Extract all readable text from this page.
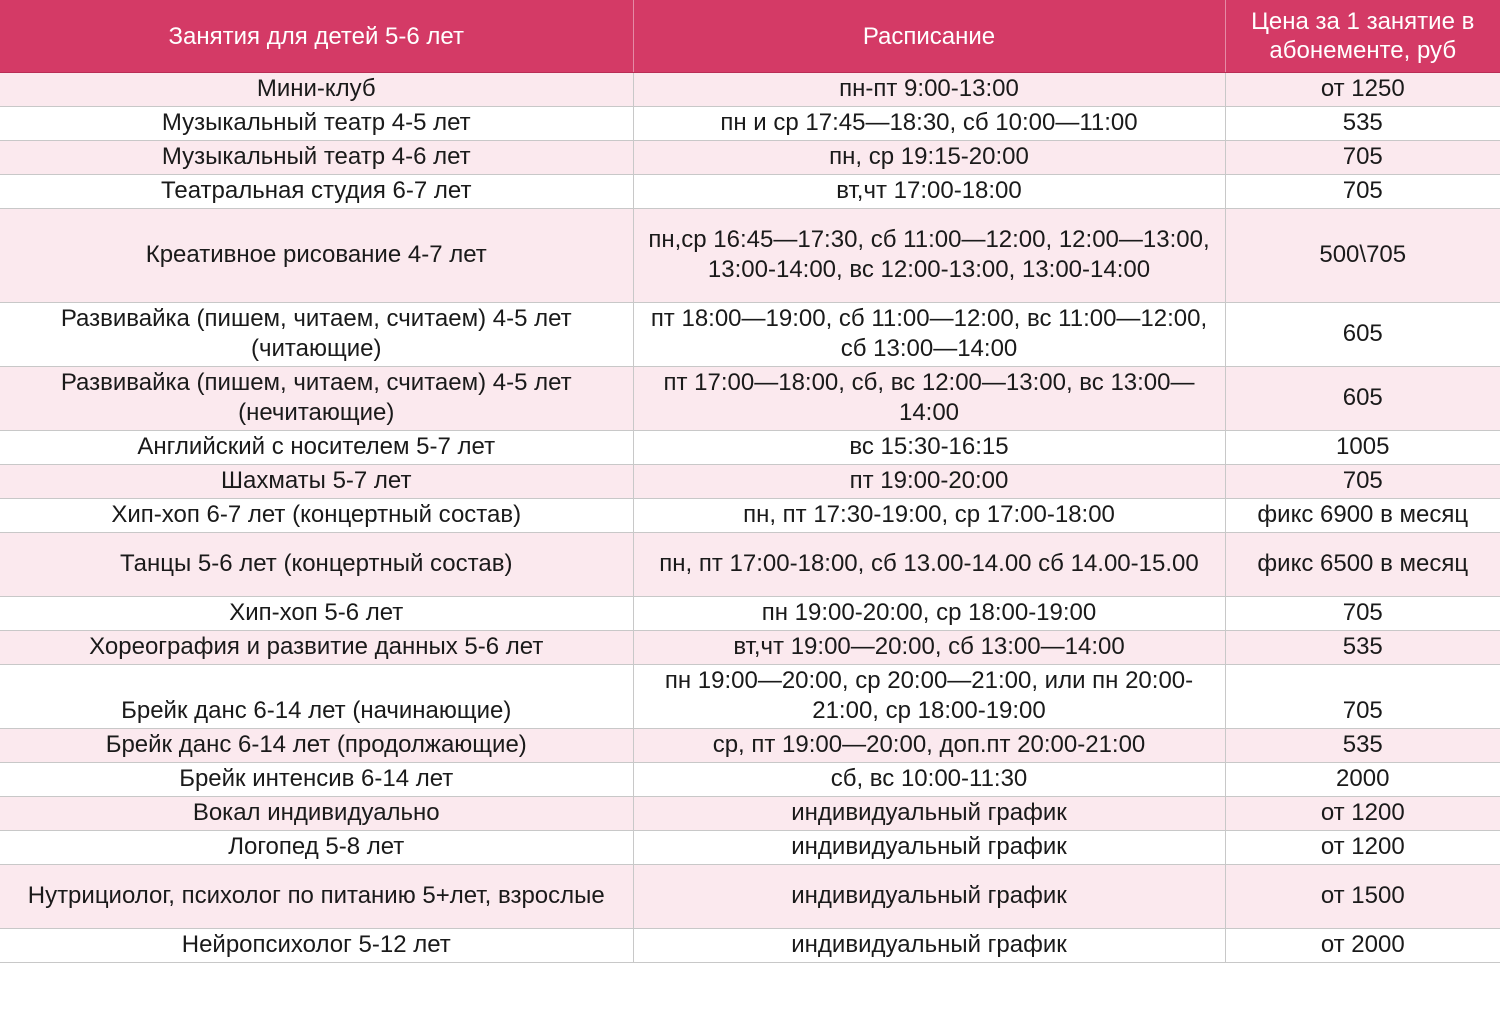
Занятия для детей 5-6 лет	Расписание	Цена за 1 занятие в абонементе, руб
Мини-клуб	пн-пт 9:00-13:00	от 1250
Музыкальный театр 4-5 лет	пн и ср 17:45—18:30, сб 10:00—11:00	535
Музыкальный театр 4-6 лет	пн, ср 19:15-20:00	705
Театральная студия 6-7 лет	вт,чт 17:00-18:00	705
Креативное рисование 4-7 лет	пн,ср 16:45—17:30, сб 11:00—12:00, 12:00—13:00, 13:00-14:00, вс 12:00-13:00, 13:00-14:00	500\705
Развивайка (пишем, читаем, считаем) 4-5 лет (читающие)	пт 18:00—19:00, сб 11:00—12:00, вс 11:00—12:00, сб 13:00—14:00	605
Развивайка (пишем, читаем, считаем) 4-5 лет (нечитающие)	пт 17:00—18:00, сб, вс 12:00—13:00, вс 13:00—14:00	605
Английский с носителем 5-7 лет	вс 15:30-16:15	1005
Шахматы 5-7 лет	пт 19:00-20:00	705
Хип-хоп 6-7 лет (концертный состав)	пн, пт 17:30-19:00, ср 17:00-18:00	фикс 6900 в месяц
Танцы 5-6 лет (концертный состав)	пн, пт 17:00-18:00, сб 13.00-14.00 сб 14.00-15.00	фикс 6500 в месяц
Хип-хоп 5-6 лет	пн 19:00-20:00, ср 18:00-19:00	705
Хореография и развитие данных 5-6 лет	вт,чт 19:00—20:00, сб 13:00—14:00	535
Брейк данс 6-14 лет (начинающие)	пн 19:00—20:00, ср 20:00—21:00, или пн 20:00-21:00, ср 18:00-19:00	705
Брейк данс 6-14 лет (продолжающие)	ср, пт 19:00—20:00, доп.пт 20:00-21:00	535
Брейк интенсив 6-14 лет	сб, вс 10:00-11:30	2000
Вокал индивидуально	индивидуальный график	от 1200
Логопед 5-8 лет	индивидуальный график	от 1200
Нутрициолог, психолог по питанию 5+лет, взрослые	индивидуальный график	от 1500
Нейропсихолог 5-12 лет	индивидуальный график	от 2000
